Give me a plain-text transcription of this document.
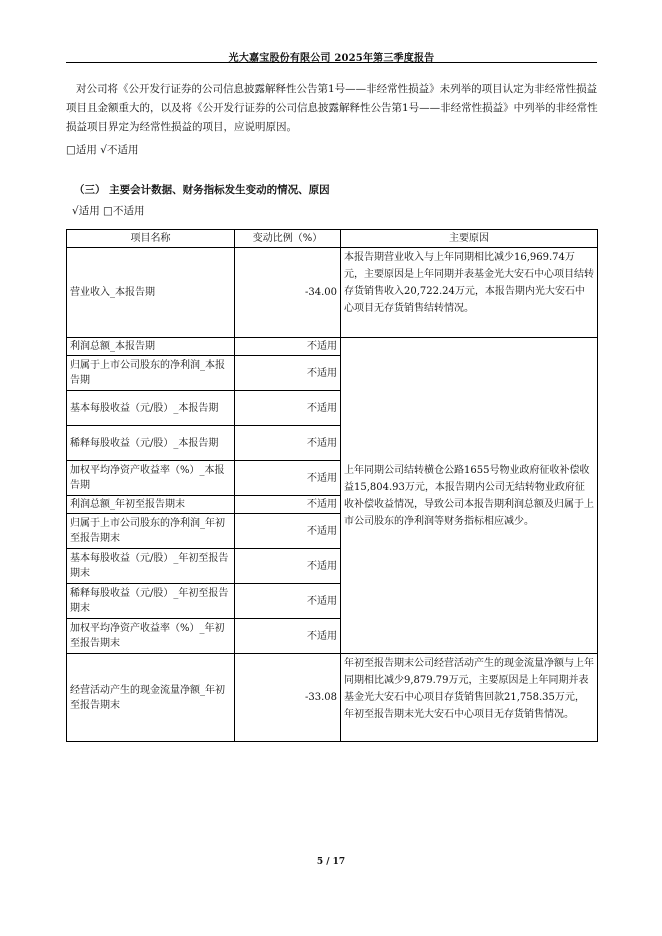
光大嘉宝股份有限公司 2025年第三季度报告
对公司将《公开发行证券的公司信息披露解释性公告第1号——非经常性损益》未列举的项目认定为非经常性损益项目且金额重大的，以及将《公开发行证券的公司信息披露解释性公告第1号——非经常性损益》中列举的非经常性损益项目界定为经常性损益的项目，应说明原因。
□适用 √不适用
（三） 主要会计数据、财务指标发生变动的情况、原因
√适用 □不适用
项目名称	变动比例（%）	主要原因
营业收入_本报告期	-34.00	本报告期营业收入与上年同期相比减少16,969.74万元，主要原因是上年同期并表基金光大安石中心项目结转存货销售收入20,722.24万元，本报告期内光大安石中心项目无存货销售结转情况。
利润总额_本报告期	不适用	上年同期公司结转横仓公路1655号物业政府征收补偿收益15,804.93万元，本报告期内公司无结转物业政府征收补偿收益情况，导致公司本报告期利润总额及归属于上市公司股东的净利润等财务指标相应减少。
归属于上市公司股东的净利润_本报告期	不适用	
基本每股收益（元/股）_本报告期	不适用	
稀释每股收益（元/股）_本报告期	不适用	
加权平均净资产收益率（%）_本报告期	不适用	
利润总额_年初至报告期末	不适用	
归属于上市公司股东的净利润_年初至报告期末	不适用	
基本每股收益（元/股）_年初至报告期末	不适用	
稀释每股收益（元/股）_年初至报告期末	不适用	
加权平均净资产收益率（%）_年初至报告期末	不适用	
经营活动产生的现金流量净额_年初至报告期末	-33.08	年初至报告期末公司经营活动产生的现金流量净额与上年同期相比减少9,879.79万元，主要原因是上年同期并表基金光大安石中心项目存货销售回款21,758.35万元，年初至报告期末光大安石中心项目无存货销售情况。
5 / 17
